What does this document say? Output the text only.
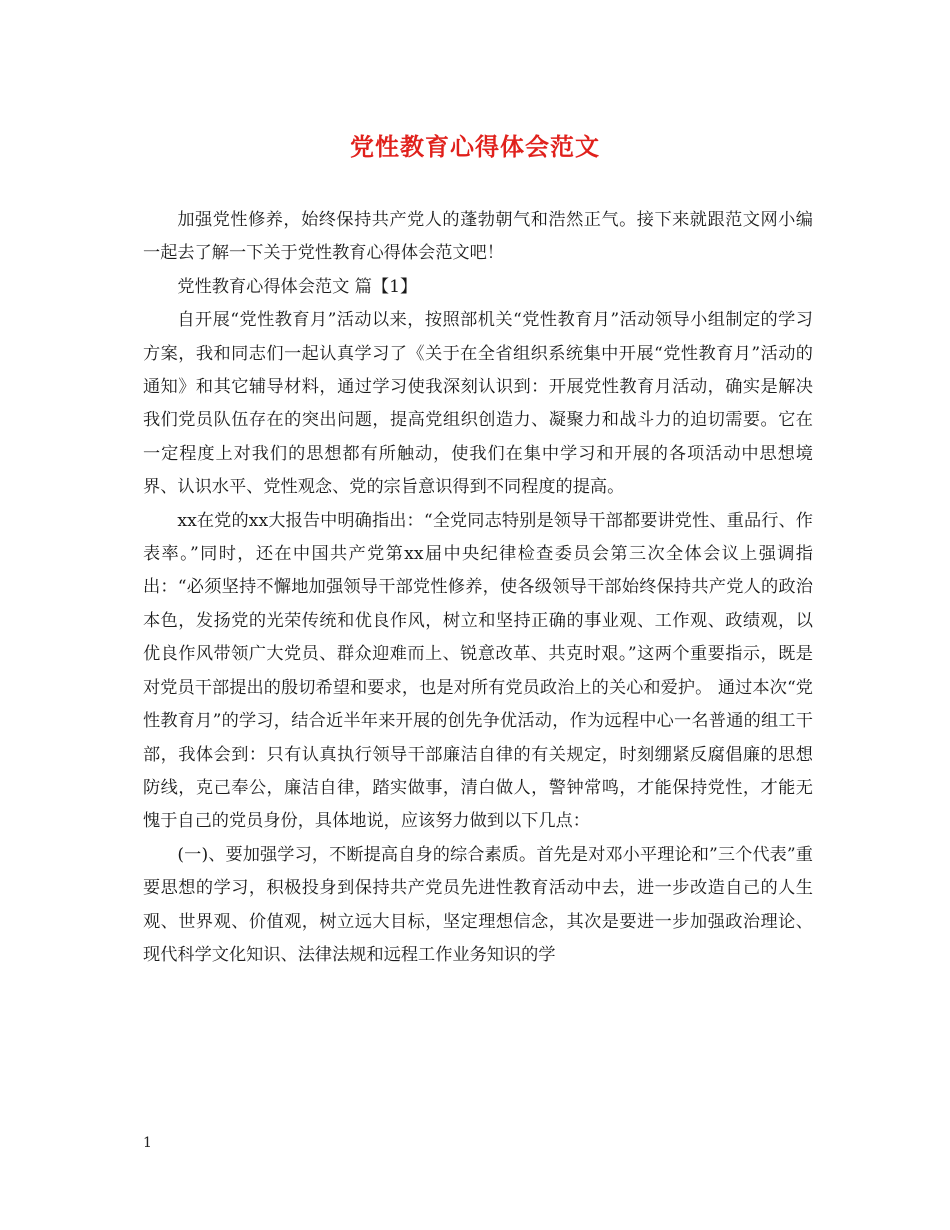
党性教育心得体会范文

加强党性修养，始终保持共产党人的蓬勃朝气和浩然正气。接下来就跟范文网小编一起去了解一下关于党性教育心得体会范文吧！

党性教育心得体会范文 篇【1】

自开展“党性教育月”活动以来，按照部机关“党性教育月”活动领导小组制定的学习方案，我和同志们一起认真学习了《关于在全省组织系统集中开展“党性教育月”活动的通知》和其它辅导材料，通过学习使我深刻认识到：开展党性教育月活动，确实是解决我们党员队伍存在的突出问题，提高党组织创造力、凝聚力和战斗力的迫切需要。它在一定程度上对我们的思想都有所触动，使我们在集中学习和开展的各项活动中思想境界、认识水平、党性观念、党的宗旨意识得到不同程度的提高。

xx在党的xx大报告中明确指出：“全党同志特别是领导干部都要讲党性、重品行、作表率。”同时，还在中国共产党第xx届中央纪律检查委员会第三次全体会议上强调指出：“必须坚持不懈地加强领导干部党性修养，使各级领导干部始终保持共产党人的政治本色，发扬党的光荣传统和优良作风，树立和坚持正确的事业观、工作观、政绩观，以优良作风带领广大党员、群众迎难而上、锐意改革、共克时艰。”这两个重要指示，既是对党员干部提出的殷切希望和要求，也是对所有党员政治上的关心和爱护。 通过本次“党性教育月”的学习，结合近半年来开展的创先争优活动，作为远程中心一名普通的组工干部，我体会到：只有认真执行领导干部廉洁自律的有关规定，时刻绷紧反腐倡廉的思想防线，克己奉公，廉洁自律，踏实做事，清白做人，警钟常鸣，才能保持党性，才能无愧于自己的党员身份，具体地说，应该努力做到以下几点：

(一)、要加强学习，不断提高自身的综合素质。首先是对邓小平理论和”三个代表”重要思想的学习，积极投身到保持共产党员先进性教育活动中去，进一步改造自己的人生观、世界观、价值观，树立远大目标，坚定理想信念，其次是要进一步加强政治理论、现代科学文化知识、法律法规和远程工作业务知识的学

1
